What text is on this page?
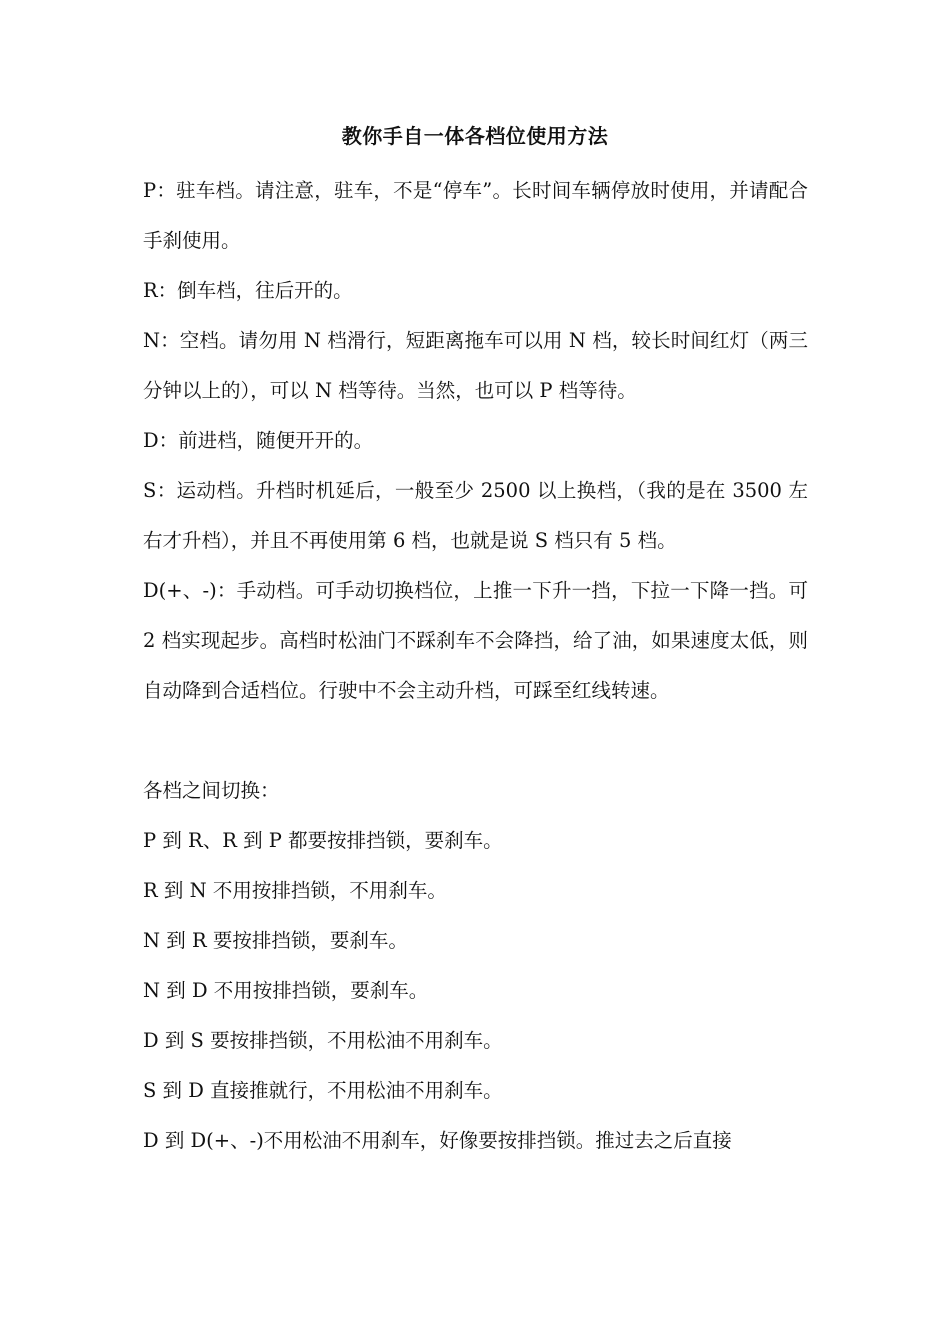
教你手自一体各档位使用方法

P：驻车档。请注意，驻车，不是“停车”。长时间车辆停放时使用，并请配合手刹使用。

R：倒车档，往后开的。

N：空档。请勿用 N 档滑行，短距离拖车可以用 N 档，较长时间红灯（两三分钟以上的），可以 N 档等待。当然，也可以 P 档等待。

D：前进档，随便开开的。

S：运动档。升档时机延后，一般至少 2500 以上换档，（我的是在 3500 左右才升档），并且不再使用第 6 档，也就是说 S 档只有 5 档。

D(+、-)：手动档。可手动切换档位，上推一下升一挡，下拉一下降一挡。可 2 档实现起步。高档时松油门不踩刹车不会降挡，给了油，如果速度太低，则自动降到合适档位。行驶中不会主动升档，可踩至红线转速。

各档之间切换：

P 到 R、R 到 P 都要按排挡锁，要刹车。

R 到 N 不用按排挡锁，不用刹车。

N 到 R 要按排挡锁，要刹车。

N 到 D 不用按排挡锁，要刹车。

D 到 S 要按排挡锁，不用松油不用刹车。

S 到 D 直接推就行，不用松油不用刹车。

D 到 D(+、-)不用松油不用刹车，好像要按排挡锁。推过去之后直接
